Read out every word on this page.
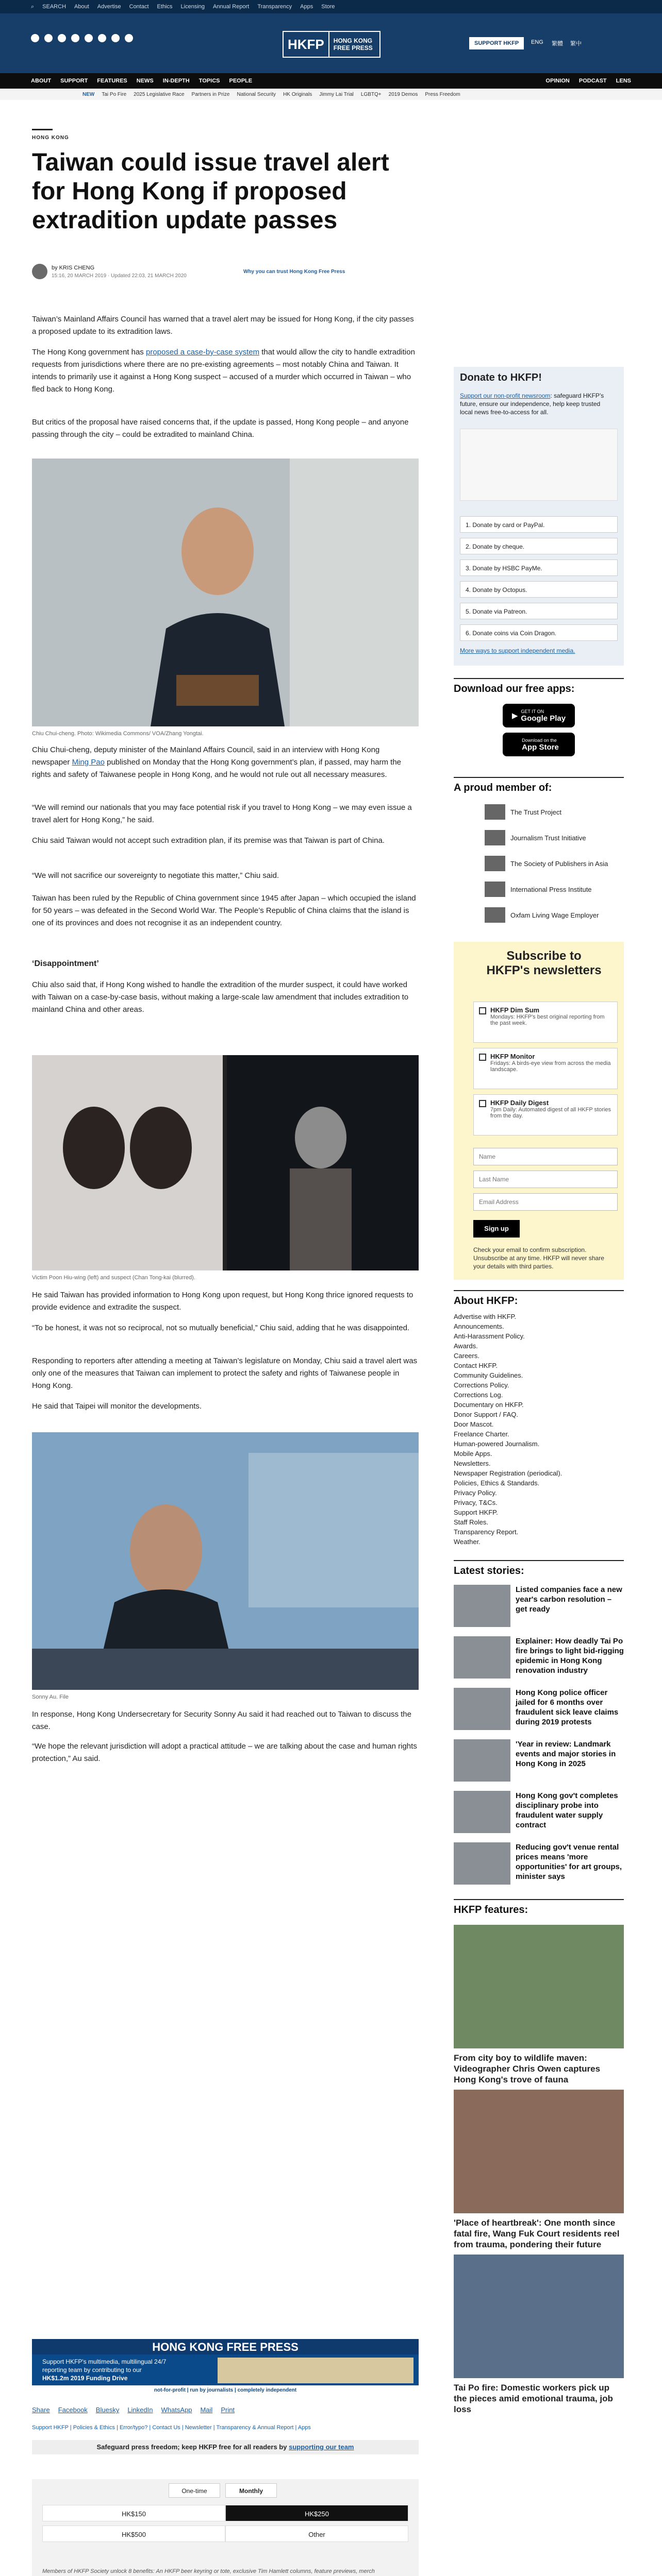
⌕ SEARCH About Advertise Contact Ethics Licensing Annual Report Transparency Apps Store
HKFP	HONG KONG
FREE PRESS
SUPPORT HKFP	ENG 繁體 繁中
ABOUT SUPPORT FEATURES NEWS IN-DEPTH TOPICS PEOPLE	OPINION PODCAST LENS
NEW Tai Po Fire 2025 Legislative Race Partners in Prize National Security HK Originals Jimmy Lai Trial LGBTQ+ 2019 Demos Press Freedom
HONG KONG
Taiwan could issue travel alert for Hong Kong if proposed extradition update passes
by KRIS CHENG
15:16, 20 MARCH 2019 · Updated 22:03, 21 MARCH 2020
Why you can trust Hong Kong Free Press

Taiwan’s Mainland Affairs Council has warned that a travel alert may be issued for Hong Kong, if the city passes a proposed update to its extradition laws.

The Hong Kong government has proposed a case-by-case system that would allow the city to handle extradition requests from jurisdictions where there are no pre-existing agreements – most notably China and Taiwan. It intends to primarily use it against a Hong Kong suspect – accused of a murder which occurred in Taiwan – who fled back to Hong Kong.

But critics of the proposal have raised concerns that, if the update is passed, Hong Kong people – and anyone passing through the city – could be extradited to mainland China.

Chiu Chui-cheng. Photo: Wikimedia Commons/ VOA/Zhang Yongtai.

Chiu Chui-cheng, deputy minister of the Mainland Affairs Council, said in an interview with Hong Kong newspaper Ming Pao published on Monday that the Hong Kong government’s plan, if passed, may harm the rights and safety of Taiwanese people in Hong Kong, and he would not rule out all necessary measures.

“We will remind our nationals that you may face potential risk if you travel to Hong Kong – we may even issue a travel alert for Hong Kong,” he said.

Chiu said Taiwan would not accept such extradition plan, if its premise was that Taiwan is part of China.

“We will not sacrifice our sovereignty to negotiate this matter,” Chiu said.

Taiwan has been ruled by the Republic of China government since 1945 after Japan – which occupied the island for 50 years – was defeated in the Second World War. The People’s Republic of China claims that the island is one of its provinces and does not recognise it as an independent country.

‘Disappointment’

Chiu also said that, if Hong Kong wished to handle the extradition of the murder suspect, it could have worked with Taiwan on a case-by-case basis, without making a large-scale law amendment that includes extradition to mainland China and other areas.

Victim Poon Hiu-wing (left) and suspect (Chan Tong-kai (blurred).

He said Taiwan has provided information to Hong Kong upon request, but Hong Kong thrice ignored requests to provide evidence and extradite the suspect.

“To be honest, it was not so reciprocal, not so mutually beneficial,” Chiu said, adding that he was disappointed.

Responding to reporters after attending a meeting at Taiwan’s legislature on Monday, Chiu said a travel alert was only one of the measures that Taiwan can implement to protect the safety and rights of Taiwanese people in Hong Kong.

He said that Taipei will monitor the developments.

Sonny Au. File

In response, Hong Kong Undersecretary for Security Sonny Au said it had reached out to Taiwan to discuss the case.

“We hope the relevant jurisdiction will adopt a practical attitude – we are talking about the case and human rights protection,” Au said.

HONG KONG FREE PRESS
Support HKFP's multimedia, multilingual 24/7
reporting team by contributing to our
HK$1.2m 2019 Funding Drive
not-for-profit | run by journalists | completely independent
Share Facebook Bluesky LinkedIn WhatsApp Mail Print
Support HKFP | Policies & Ethics | Error/typo? | Contact Us | Newsletter | Transparency & Annual Report | Apps
Safeguard press freedom; keep HKFP free for all readers by supporting our team
One-time	Monthly
HK$150	HK$250
HK$500	Other
Members of HKFP Society unlock 8 benefits: An HKFP beer keyring or tote, exclusive Tim Hamlett columns, feature previews, merch
Donate to HKFP!
Support our non-profit newsroom: safeguard HKFP’s future, ensure our independence, help keep trusted local news free-to-access for all.
1. Donate by card or PayPal.
2. Donate by cheque.
3. Donate by HSBC PayMe.
4. Donate by Octopus.
5. Donate via Patreon.
6. Donate coins via Coin Dragon.
More ways to support independent media.
Download our free apps:
▶
GET IT ON
Google Play
Download on the
App Store
A proud member of:
The Trust Project
Journalism Trust Initiative
The Society of Publishers in Asia
International Press Institute
Oxfam Living Wage Employer
Subscribe to HKFP's newsletters
HKFP Dim Sum
Mondays: HKFP's best original reporting from the past week.
HKFP Monitor
Fridays: A birds-eye view from across the media landscape.
HKFP Daily Digest
7pm Daily: Automated digest of all HKFP stories from the day.
Name
Last Name
Email Address
Sign up
Check your email to confirm subscription. Unsubscribe at any time. HKFP will never share your details with third parties.
About HKFP:
Advertise with HKFP.
Announcements.
Anti-Harassment Policy.
Awards.
Careers.
Contact HKFP.
Community Guidelines.
Corrections Policy.
Corrections Log.
Documentary on HKFP.
Donor Support / FAQ.
Door Mascot.
Freelance Charter.
Human-powered Journalism.
Mobile Apps.
Newsletters.
Newspaper Registration (periodical).
Policies, Ethics & Standards.
Privacy Policy.
Privacy, T&Cs.
Support HKFP.
Staff Roles.
Transparency Report.
Weather.
Latest stories:
Listed companies face a new year's carbon resolution – get ready
Explainer: How deadly Tai Po fire brings to light bid-rigging epidemic in Hong Kong renovation industry
Hong Kong police officer jailed for 6 months over fraudulent sick leave claims during 2019 protests
'Year in review: Landmark events and major stories in Hong Kong in 2025
Hong Kong gov't completes disciplinary probe into fraudulent water supply contract
Reducing gov't venue rental prices means 'more opportunities' for art groups, minister says
HKFP features:
From city boy to wildlife maven: Videographer Chris Owen captures Hong Kong's trove of fauna
'Place of heartbreak': One month since fatal fire, Wang Fuk Court residents reel from trauma, pondering their future
Tai Po fire: Domestic workers pick up the pieces amid emotional trauma, job loss
